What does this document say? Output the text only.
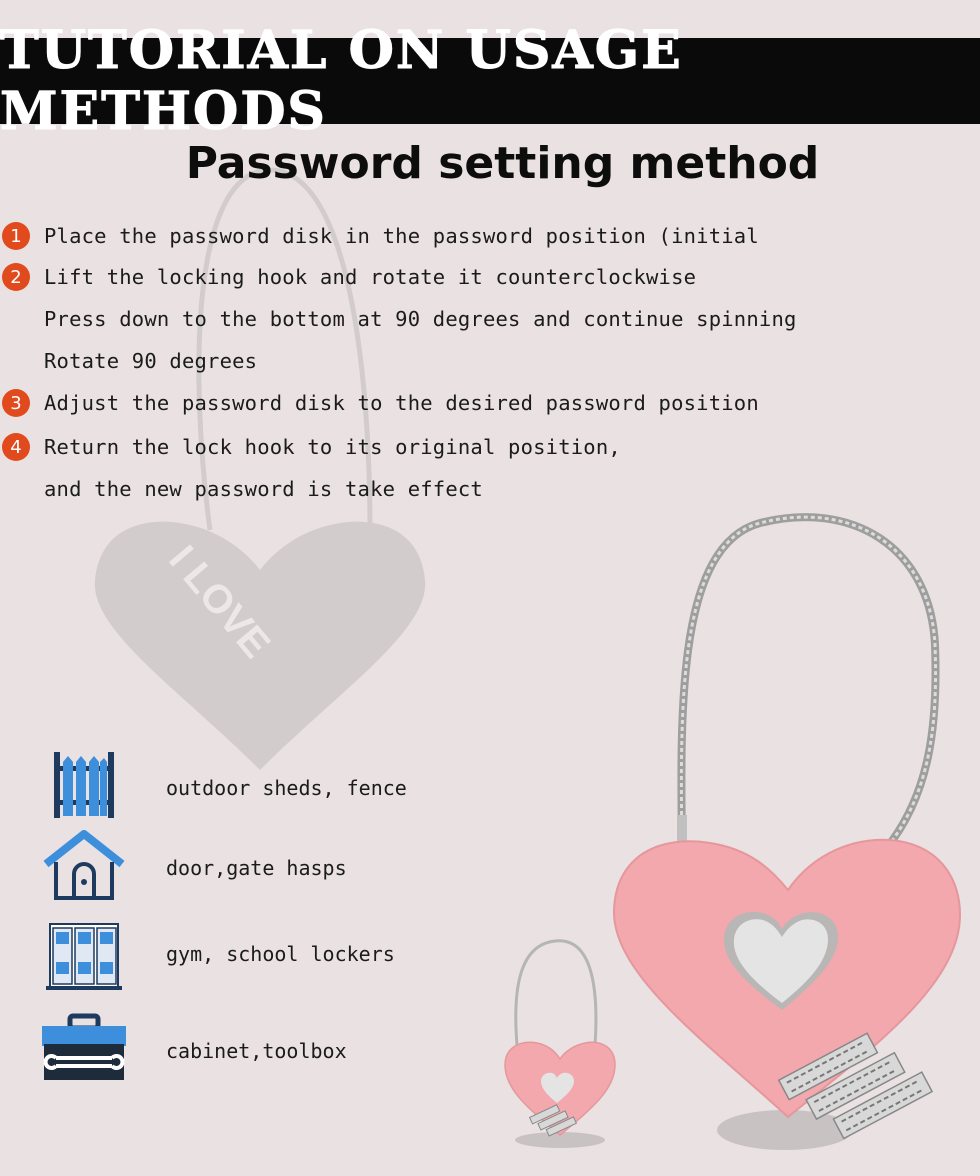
I LOVE
TUTORIAL ON USAGE METHODS
Password setting method
1	Place the password disk in the password position (initial
2	Lift the locking hook and rotate it counterclockwise
Press down to the bottom at 90 degrees and continue spinning
Rotate 90 degrees
3	Adjust the password disk to the desired password position
4	Return the lock hook to its original position,
and the new password is take effect
outdoor sheds, fence
door,gate hasps
gym, school lockers
cabinet,toolbox
